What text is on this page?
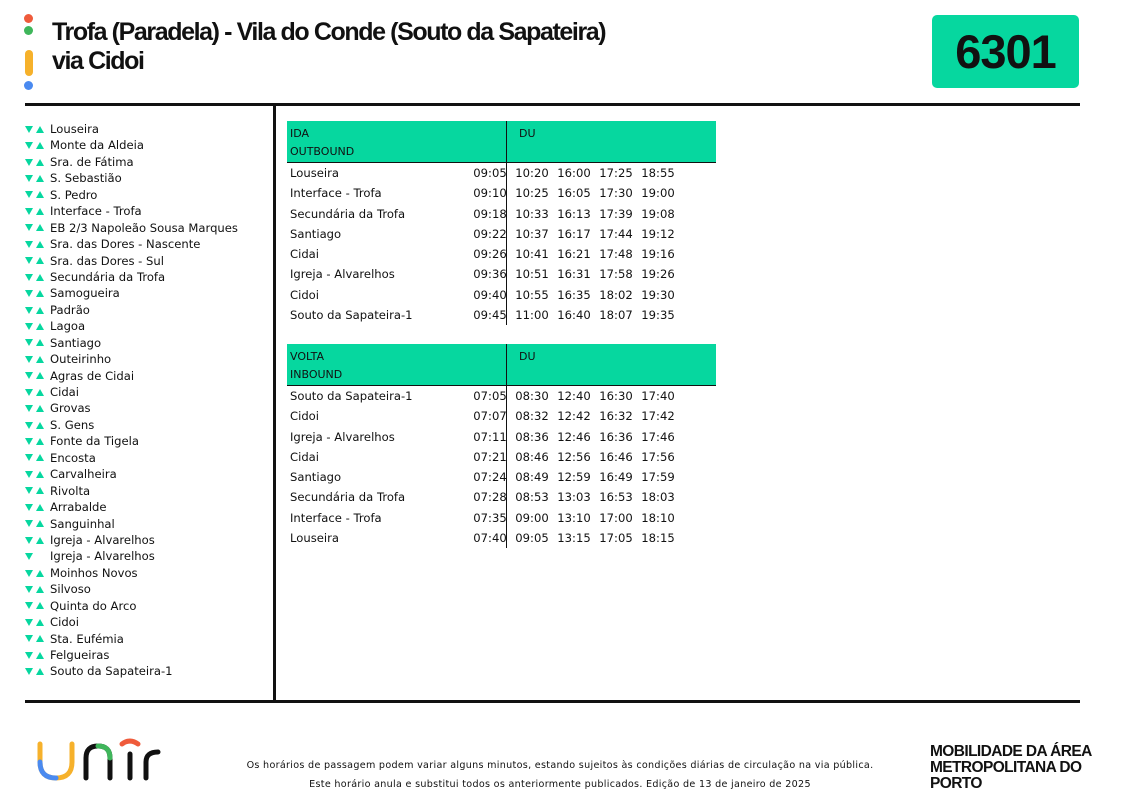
Trofa (Paradela) - Vila do Conde (Souto da Sapateira)
via Cidoi	6301
Louseira
Monte da Aldeia
Sra. de Fátima
S. Sebastião
S. Pedro
Interface - Trofa
EB 2/3 Napoleão Sousa Marques
Sra. das Dores - Nascente
Sra. das Dores - Sul
Secundária da Trofa
Samogueira
Padrão
Lagoa
Santiago
Outeirinho
Agras de Cidai
Cidai
Grovas
S. Gens
Fonte da Tigela
Encosta
Carvalheira
Rivolta
Arrabalde
Sanguinhal
Igreja - Alvarelhos
Igreja - Alvarelhos
Moinhos Novos
Silvoso
Quinta do Arco
Cidoi
Sta. Eufémia
Felgueiras
Souto da Sapateira-1
IDA
OUTBOUND
DU
Louseira	09:05 10:20 16:00 17:25 18:55
Interface - Trofa	09:10 10:25 16:05 17:30 19:00
Secundária da Trofa	09:18 10:33 16:13 17:39 19:08
Santiago	09:22 10:37 16:17 17:44 19:12
Cidai	09:26 10:41 16:21 17:48 19:16
Igreja - Alvarelhos	09:36 10:51 16:31 17:58 19:26
Cidoi	09:40 10:55 16:35 18:02 19:30
Souto da Sapateira-1	09:45 11:00 16:40 18:07 19:35
VOLTA
INBOUND
DU
Souto da Sapateira-1	07:05 08:30 12:40 16:30 17:40
Cidoi	07:07 08:32 12:42 16:32 17:42
Igreja - Alvarelhos	07:11 08:36 12:46 16:36 17:46
Cidai	07:21 08:46 12:56 16:46 17:56
Santiago	07:24 08:49 12:59 16:49 17:59
Secundária da Trofa	07:28 08:53 13:03 16:53 18:03
Interface - Trofa	07:35 09:00 13:10 17:00 18:10
Louseira	07:40 09:05 13:15 17:05 18:15
Os horários de passagem podem variar alguns minutos, estando sujeitos às condições diárias de circulação na via pública.
Este horário anula e substitui todos os anteriormente publicados. Edição de 13 de janeiro de 2025
MOBILIDADE DA ÁREA
METROPOLITANA DO PORTO
